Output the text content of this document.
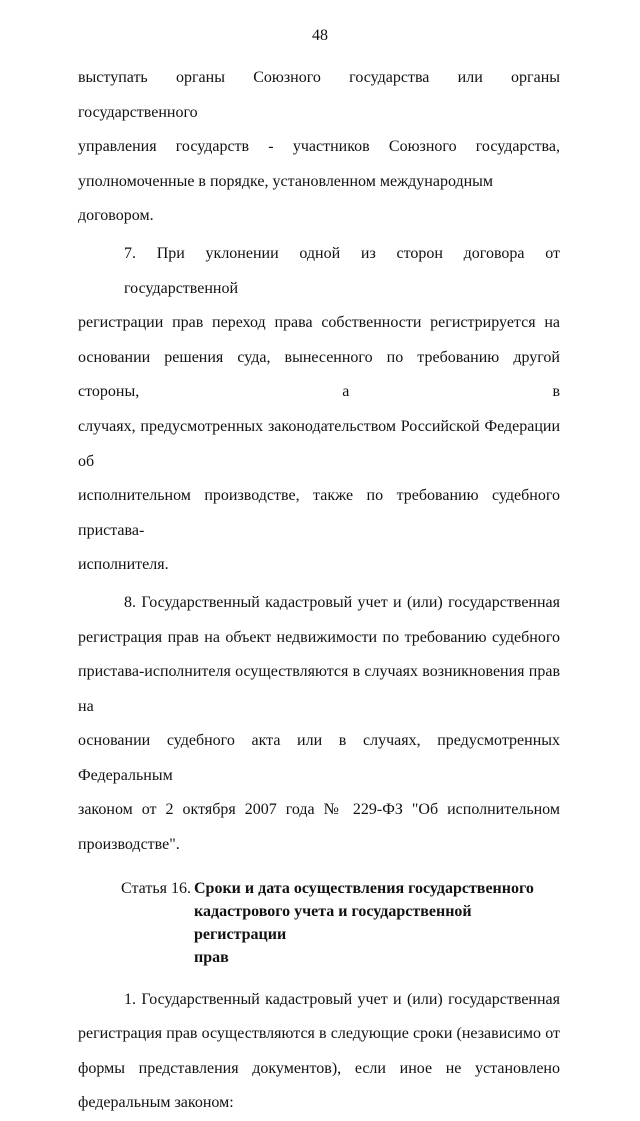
48

выступать органы Союзного государства или органы государственного
управления государств - участников Союзного государства,
уполномоченные в порядке, установленном международным договором.

7. При уклонении одной из сторон договора от государственной
регистрации прав переход права собственности регистрируется на
основании решения суда, вынесенного по требованию другой стороны, а в
случаях, предусмотренных законодательством Российской Федерации об
исполнительном производстве, также по требованию судебного пристава-
исполнителя.

8. Государственный кадастровый учет и (или) государственная
регистрация прав на объект недвижимости по требованию судебного
пристава-исполнителя осуществляются в случаях возникновения прав на
основании судебного акта или в случаях, предусмотренных Федеральным
законом от 2 октября 2007 года № 229-ФЗ "Об исполнительном
производстве".

Статья 16. Сроки и дата осуществления государственного
кадастрового учета и государственной регистрации
прав

1. Государственный кадастровый учет и (или) государственная
регистрация прав осуществляются в следующие сроки (независимо от
формы представления документов), если иное не установлено
федеральным законом:
